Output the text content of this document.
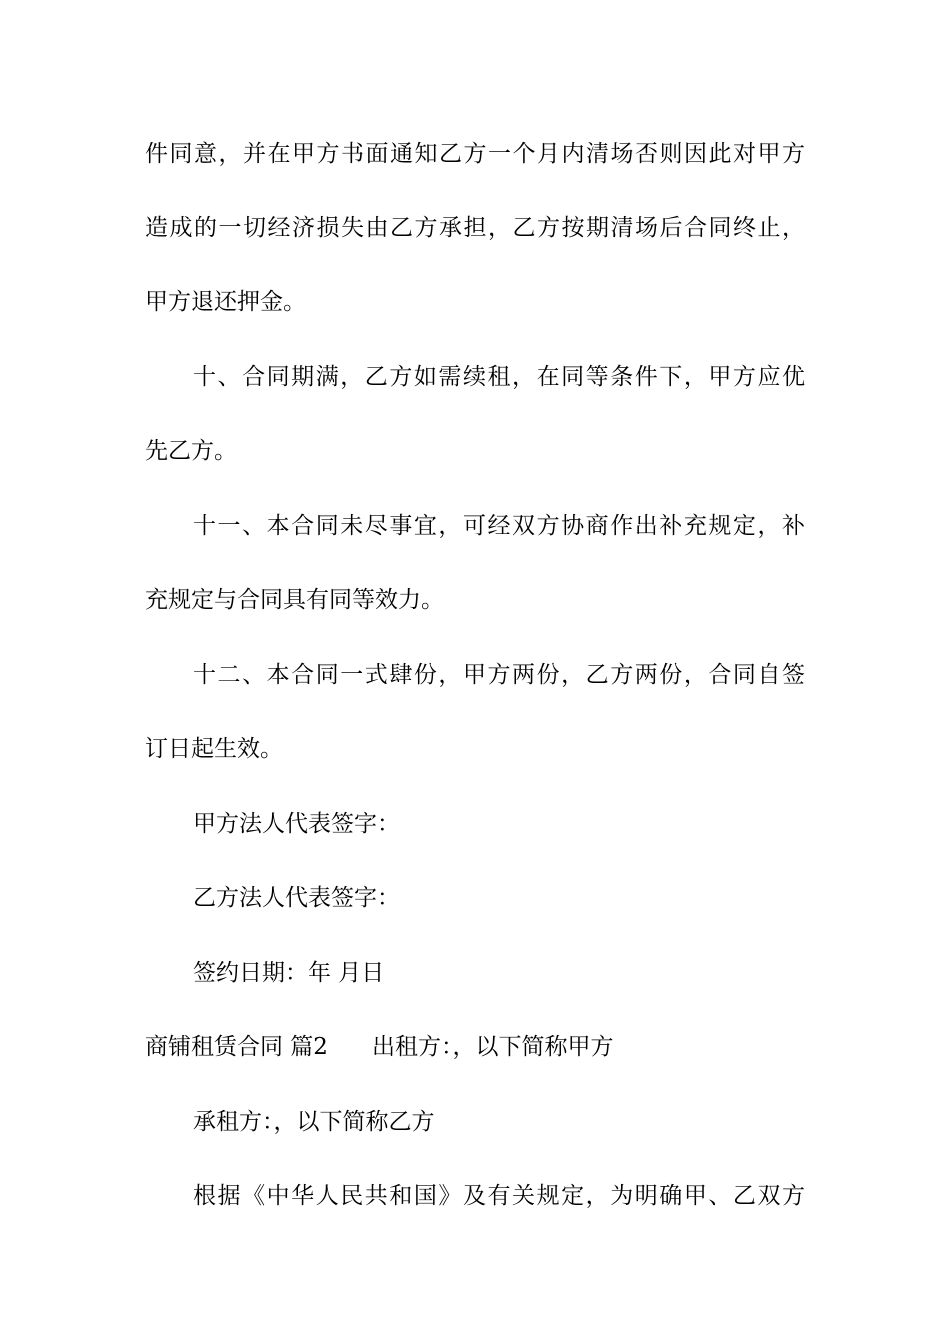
件同意，并在甲方书面通知乙方一个月内清场否则因此对甲方
造成的一切经济损失由乙方承担，乙方按期清场后合同终止，
甲方退还押金。
十、合同期满，乙方如需续租，在同等条件下，甲方应优
先乙方。
十一、本合同未尽事宜，可经双方协商作出补充规定，补
充规定与合同具有同等效力。
十二、本合同一式肆份，甲方两份，乙方两份，合同自签
订日起生效。
甲方法人代表签字：
乙方法人代表签字：
签约日期：年 月日
商铺租赁合同 篇2 出租方：，以下简称甲方
承租方：，以下简称乙方
根据《中华人民共和国》及有关规定，为明确甲、乙双方
